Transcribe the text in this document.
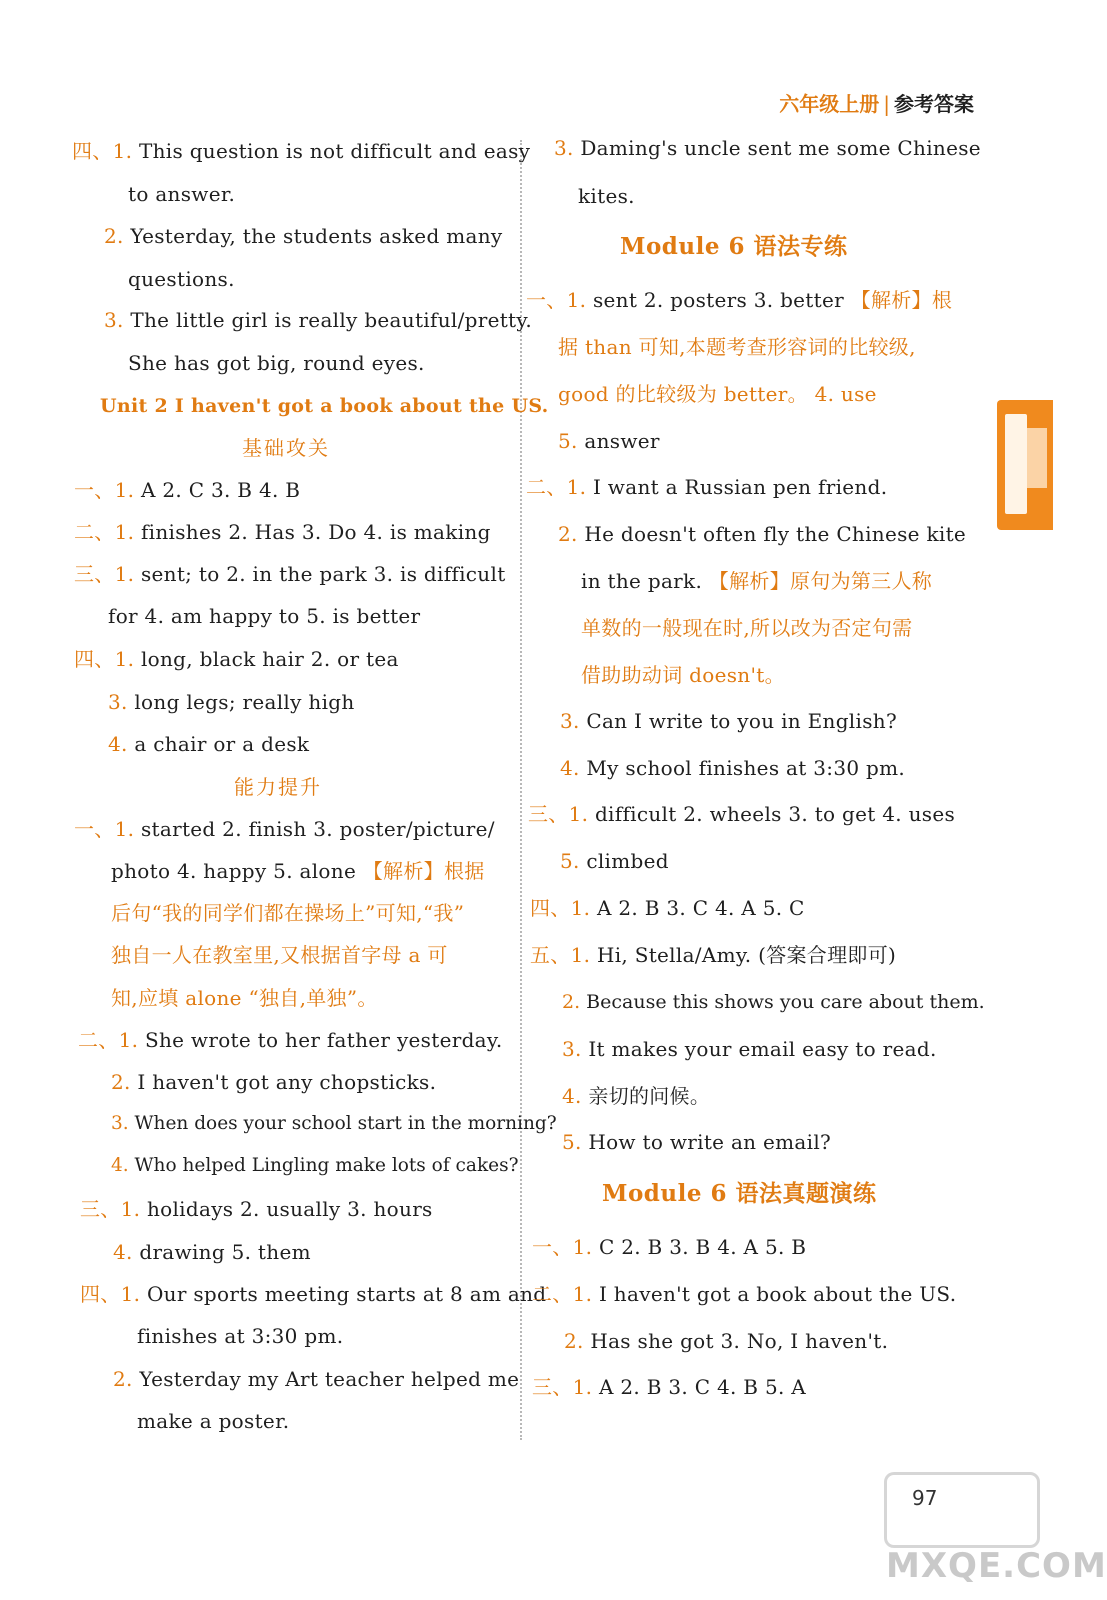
六年级上册 | 参考答案
四、1. This question is not difficult and easy
to answer.
2. Yesterday, the students asked many
questions.
3. The little girl is really beautiful/pretty.
She has got big, round eyes.
Unit 2 I haven't got a book about the US.
基础攻关
一、1. A 2. C 3. B 4. B
二、1. finishes 2. Has 3. Do 4. is making
三、1. sent; to 2. in the park 3. is difficult
for 4. am happy to 5. is better
四、1. long, black hair 2. or tea
3. long legs; really high
4. a chair or a desk
能力提升
一、1. started 2. finish 3. poster/picture/
photo 4. happy 5. alone 【解析】根据
后句“我的同学们都在操场上”可知,“我”
独自一人在教室里,又根据首字母 a 可
知,应填 alone “独自,单独”。
二、1. She wrote to her father yesterday.
2. I haven't got any chopsticks.
3. When does your school start in the morning?
4. Who helped Lingling make lots of cakes?
三、1. holidays 2. usually 3. hours
4. drawing 5. them
四、1. Our sports meeting starts at 8 am and
finishes at 3:30 pm.
2. Yesterday my Art teacher helped me
make a poster.
3. Daming's uncle sent me some Chinese
kites.
Module 6 语法专练
一、1. sent 2. posters 3. better 【解析】根
据 than 可知,本题考查形容词的比较级,
good 的比较级为 better。 4. use
5. answer
二、1. I want a Russian pen friend.
2. He doesn't often fly the Chinese kite
in the park. 【解析】原句为第三人称
单数的一般现在时,所以改为否定句需
借助助动词 doesn't。
3. Can I write to you in English?
4. My school finishes at 3:30 pm.
三、1. difficult 2. wheels 3. to get 4. uses
5. climbed
四、1. A 2. B 3. C 4. A 5. C
五、1. Hi, Stella/Amy. (答案合理即可)
2. Because this shows you care about them.
3. It makes your email easy to read.
4. 亲切的问候。
5. How to write an email?
Module 6 语法真题演练
一、1. C 2. B 3. B 4. A 5. B
二、1. I haven't got a book about the US.
2. Has she got 3. No, I haven't.
三、1. A 2. B 3. C 4. B 5. A
97
MXQE.COM
